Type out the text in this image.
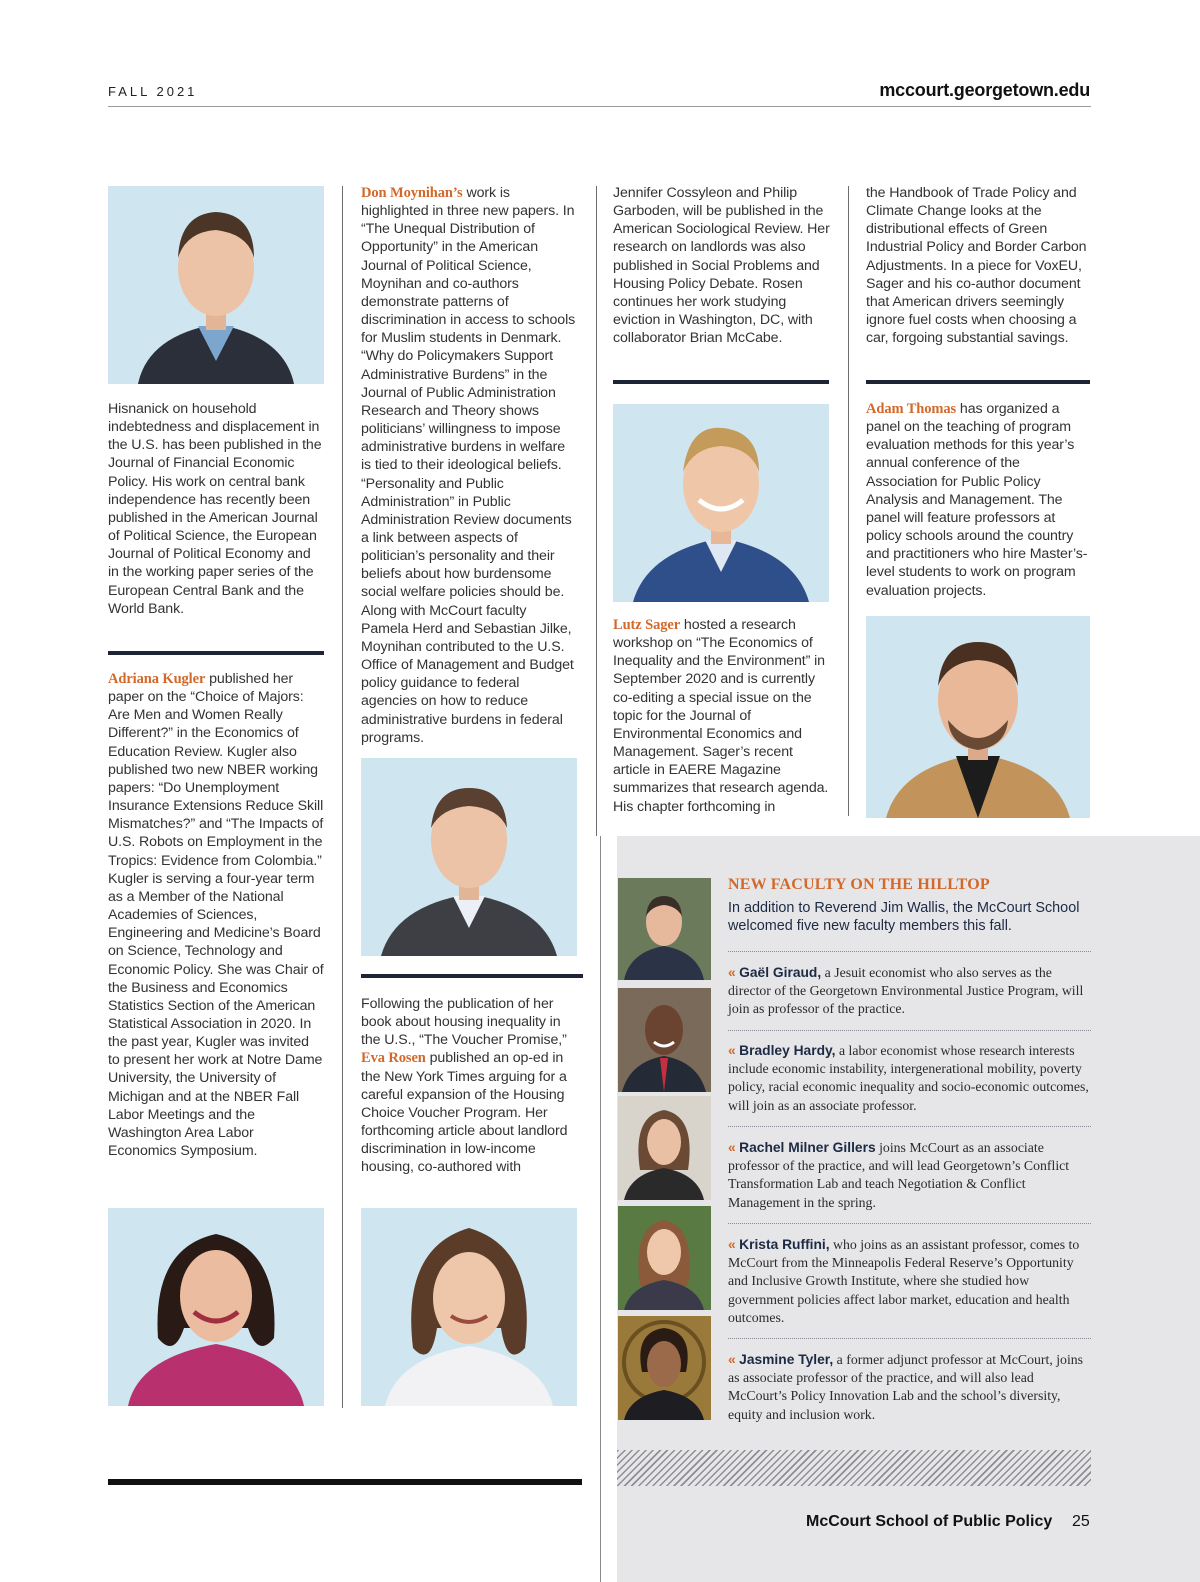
FALL 2021	mccourt.georgetown.edu
Hisnanick on household indebtedness and displacement in the U.S. has been published in the Journal of Financial Economic Policy. His work on central bank independence has recently been published in the American Journal of Political Science, the European Journal of Political Economy and in the working paper series of the European Central Bank and the World Bank.
Adriana Kugler published her paper on the “Choice of Majors: Are Men and Women Really Different?” in the Economics of Education Review. Kugler also published two new NBER working papers: “Do Unemployment Insurance Extensions Reduce Skill Mismatches?” and “The Impacts of U.S. Robots on Employment in the Tropics: Evidence from Colombia.” Kugler is serving a four-year term as a Member of the National Academies of Sciences, Engineering and Medicine’s Board on Science, Technology and Economic Policy. She was Chair of the Business and Economics Statistics Section of the American Statistical Association in 2020. In the past year, Kugler was invited to present her work at Notre Dame University, the University of Michigan and at the NBER Fall Labor Meetings and the Washington Area Labor Economics Symposium.
Don Moynihan’s work is highlighted in three new papers. In “The Unequal Distribution of Opportunity” in the American Journal of Political Science, Moynihan and co-authors demonstrate patterns of discrimination in access to schools for Muslim students in Denmark. “Why do Policymakers Support Administrative Burdens” in the Journal of Public Administration Research and Theory shows politicians’ willingness to impose administrative burdens in welfare is tied to their ideological beliefs. “Personality and Public Administration” in Public Administration Review documents a link between aspects of politician’s personality and their beliefs about how burdensome social welfare policies should be. Along with McCourt faculty Pamela Herd and Sebastian Jilke, Moynihan contributed to the U.S. Office of Management and Budget policy guidance to federal agencies on how to reduce administrative burdens in federal programs.
Following the publication of her book about housing inequality in the U.S., “The Voucher Promise,” Eva Rosen published an op-ed in the New York Times arguing for a careful expansion of the Housing Choice Voucher Program. Her forthcoming article about landlord discrimination in low-income housing, co-authored with
Jennifer Cossyleon and Philip Garboden, will be published in the American Sociological Review. Her research on landlords was also published in Social Problems and Housing Policy Debate. Rosen continues her work studying eviction in Washington, DC, with collaborator Brian McCabe.
Lutz Sager hosted a research workshop on “The Economics of Inequality and the Environment” in September 2020 and is currently co-editing a special issue on the topic for the Journal of Environmental Economics and Management. Sager’s recent article in EAERE Magazine summarizes that research agenda. His chapter forthcoming in
the Handbook of Trade Policy and Climate Change looks at the distributional effects of Green Industrial Policy and Border Carbon Adjustments. In a piece for VoxEU, Sager and his co-author document that American drivers seemingly ignore fuel costs when choosing a car, forgoing substantial savings.
Adam Thomas has organized a panel on the teaching of program evaluation methods for this year’s annual conference of the Association for Public Policy Analysis and Management. The panel will feature professors at policy schools around the country and practitioners who hire Master’s-level students to work on program evaluation projects.
NEW FACULTY ON THE HILLTOP
In addition to Reverend Jim Wallis, the McCourt School welcomed five new faculty members this fall.
« Gaël Giraud, a Jesuit economist who also serves as the director of the Georgetown Environmental Justice Program, will join as professor of the practice.
« Bradley Hardy, a labor economist whose research interests include economic instability, intergenerational mobility, poverty policy, racial economic inequality and socio-economic outcomes, will join as an associate professor.
« Rachel Milner Gillers joins McCourt as an associate professor of the practice, and will lead Georgetown’s Conflict Transformation Lab and teach Negotiation & Conflict Management in the spring.
« Krista Ruffini, who joins as an assistant professor, comes to McCourt from the Minneapolis Federal Reserve’s Opportunity and Inclusive Growth Institute, where she studied how government policies affect labor market, education and health outcomes.
« Jasmine Tyler, a former adjunct professor at McCourt, joins as associate professor of the practice, and will also lead McCourt’s Policy Innovation Lab and the school’s diversity, equity and inclusion work.
McCourt School of Public Policy 25
